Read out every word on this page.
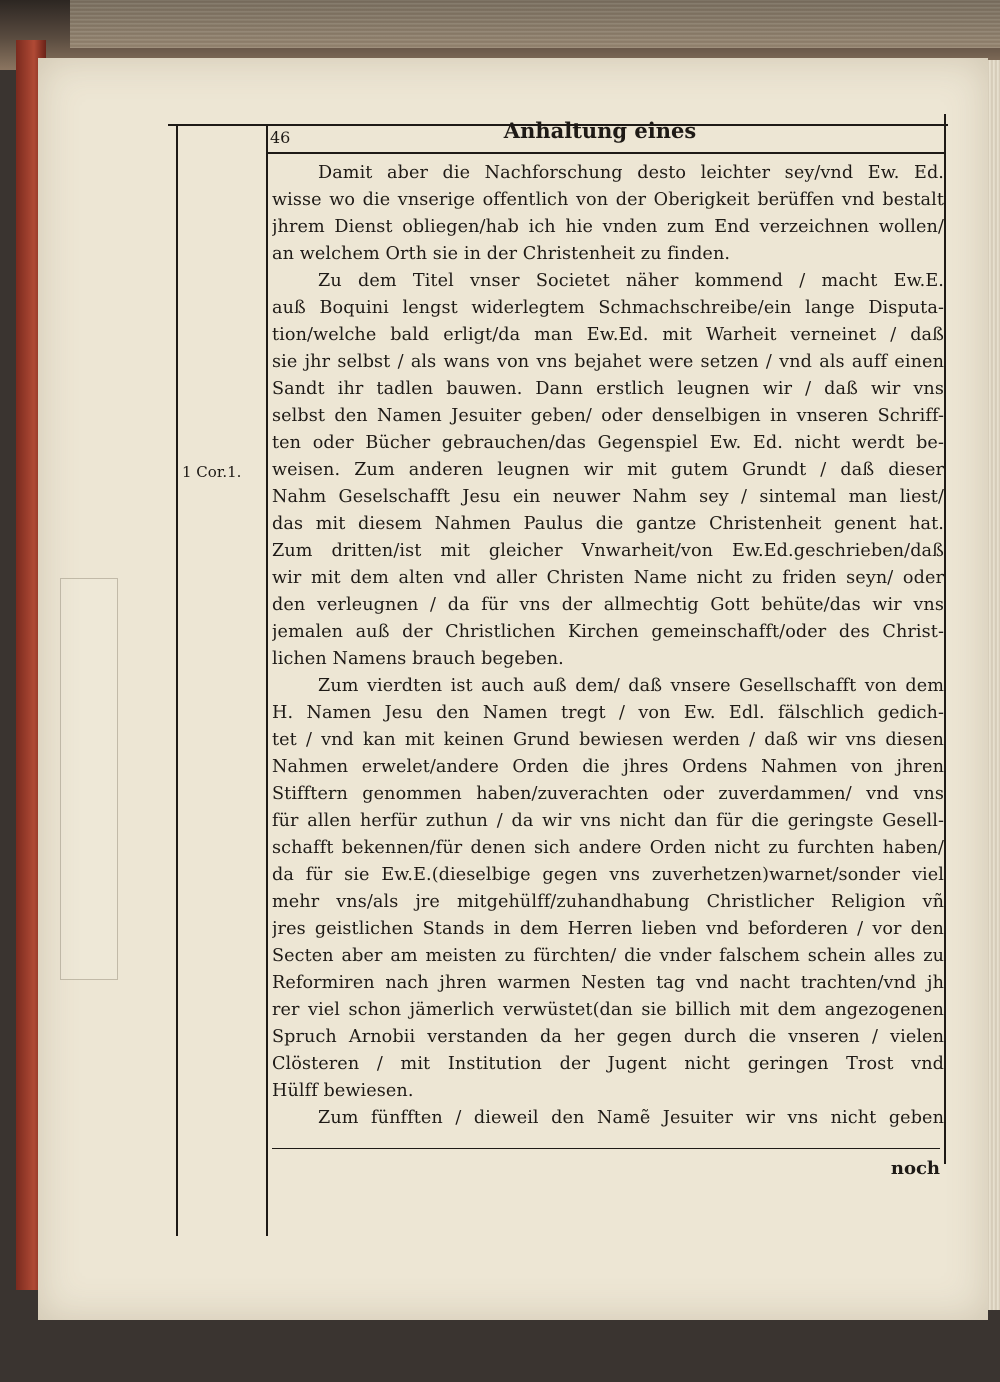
46	Anhaltung eines
1 Cor.1.
Damit aber die Nachforschung desto leichter sey/vnd Ew. Ed.
wisse wo die vnserige offentlich von der Oberigkeit berüffen vnd bestalt
jhrem Dienst obliegen/hab ich hie vnden zum End verzeichnen wollen/
an welchem Orth sie in der Christenheit zu finden.
Zu dem Titel vnser Societet näher kommend / macht Ew.E.
auß Boquini lengst widerlegtem Schmachschreibe/ein lange Disputa-
tion/welche bald erligt/da man Ew.Ed. mit Warheit verneinet / daß
sie jhr selbst / als wans von vns bejahet were setzen / vnd als auff einen
Sandt ihr tadlen bauwen. Dann erstlich leugnen wir / daß wir vns
selbst den Namen Jesuiter geben/ oder denselbigen in vnseren Schriff-
ten oder Bücher gebrauchen/das Gegenspiel Ew. Ed. nicht werdt be-
weisen. Zum anderen leugnen wir mit gutem Grundt / daß dieser
Nahm Geselschafft Jesu ein neuwer Nahm sey / sintemal man liest/
das mit diesem Nahmen Paulus die gantze Christenheit genent hat.
Zum dritten/ist mit gleicher Vnwarheit/von Ew.Ed.geschrieben/daß
wir mit dem alten vnd aller Christen Name nicht zu friden seyn/ oder
den verleugnen / da für vns der allmechtig Gott behüte/das wir vns
jemalen auß der Christlichen Kirchen gemeinschafft/oder des Christ-
lichen Namens brauch begeben.
Zum vierdten ist auch auß dem/ daß vnsere Gesellschafft von dem
H. Namen Jesu den Namen tregt / von Ew. Edl. fälschlich gedich-
tet / vnd kan mit keinen Grund bewiesen werden / daß wir vns diesen
Nahmen erwelet/andere Orden die jhres Ordens Nahmen von jhren
Stifftern genommen haben/zuverachten oder zuverdammen/ vnd vns
für allen herfür zuthun / da wir vns nicht dan für die geringste Gesell-
schafft bekennen/für denen sich andere Orden nicht zu furchten haben/
da für sie Ew.E.(dieselbige gegen vns zuverhetzen)warnet/sonder viel
mehr vns/als jre mitgehülff/zuhandhabung Christlicher Religion vñ
jres geistlichen Stands in dem Herren lieben vnd beforderen / vor den
Secten aber am meisten zu fürchten/ die vnder falschem schein alles zu
Reformiren nach jhren warmen Nesten tag vnd nacht trachten/vnd jh
rer viel schon jämerlich verwüstet(dan sie billich mit dem angezogenen
Spruch Arnobii verstanden da her gegen durch die vnseren / vielen
Clösteren / mit Institution der Jugent nicht geringen Trost vnd
Hülff bewiesen.
Zum fünfften / dieweil den Namẽ Jesuiter wir vns nicht geben
noch
